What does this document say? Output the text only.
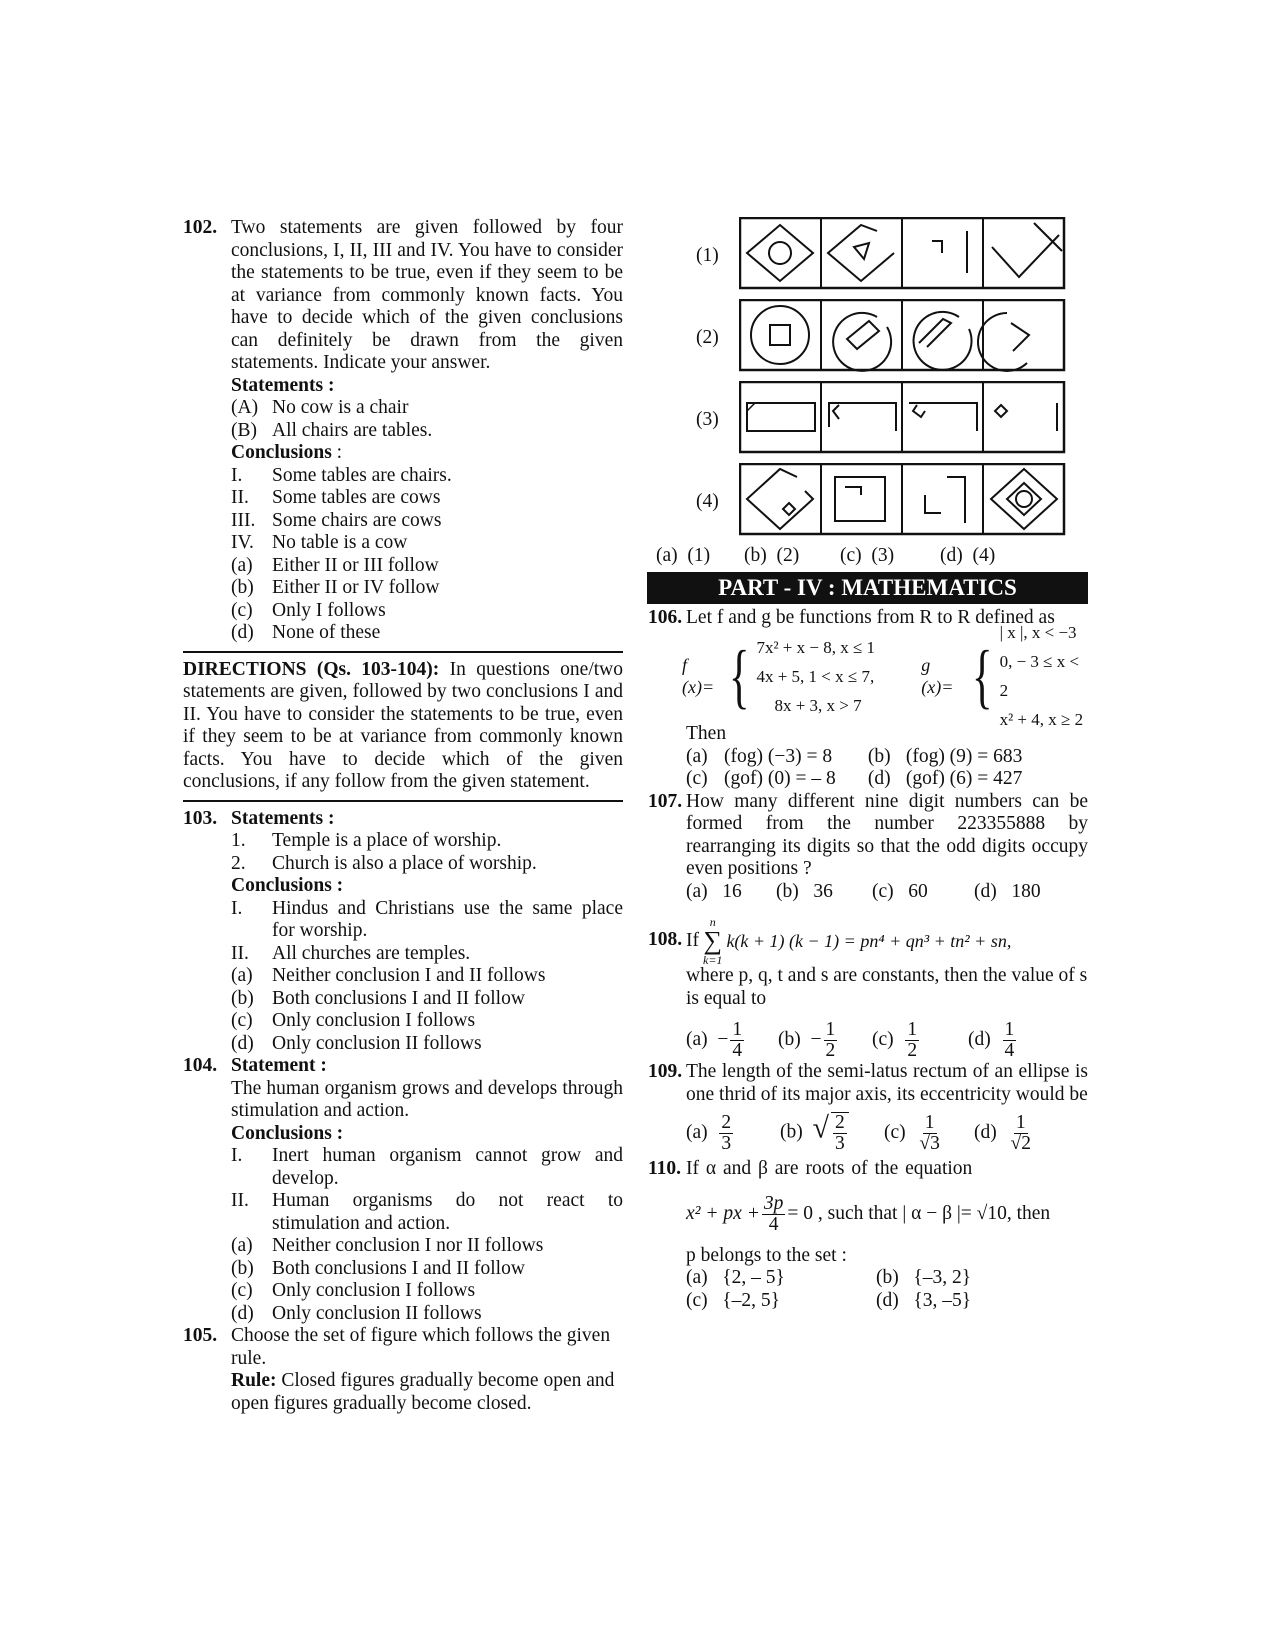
102. Two statements are given followed by four conclusions, I, II, III and IV. You have to consider the statements to be true, even if they seem to be at variance from commonly known facts. You have to decide which of the given conclusions can definitely be drawn from the given statements. Indicate your answer.
Statements :
(A) No cow is a chair
(B) All chairs are tables.
Conclusions :
I. Some tables are chairs.
II. Some tables are cows
III. Some chairs are cows
IV. No table is a cow
(a) Either II or III follow
(b) Either II or IV follow
(c) Only I follows
(d) None of these
DIRECTIONS (Qs. 103-104): In questions one/two statements are given, followed by two conclusions I and II. You have to consider the statements to be true, even if they seem to be at variance from commonly known facts. You have to decide which of the given conclusions, if any follow from the given statement.
103. Statements :
1. Temple is a place of worship.
2. Church is also a place of worship.
Conclusions :
I. Hindus and Christians use the same place for worship.
II. All churches are temples.
(a) Neither conclusion I and II follows
(b) Both conclusions I and II follow
(c) Only conclusion I follows
(d) Only conclusion II follows
104. Statement :
The human organism grows and develops through stimulation and action.
Conclusions :
I. Inert human organism cannot grow and develop.
II. Human organisms do not react to stimulation and action.
(a) Neither conclusion I nor II follows
(b) Both conclusions I and II follow
(c) Only conclusion I follows
(d) Only conclusion II follows
105. Choose the set of figure which follows the given rule.
Rule: Closed figures gradually become open and open figures gradually become closed.
(1)
(2)
(3)
(4)
(a) (1)	(b) (2)	(c) (3)	(d) (4)
PART - IV : MATHEMATICS
106. Let f and g be functions from R to R defined as
f (x)= { 7x² + x − 8, x ≤ 1
4x + 5, 1 < x ≤ 7,
8x + 3, x > 7
g (x)= {
| x |, x < −3
0, − 3 ≤ x < 2
x² + 4, x ≥ 2
Then
(a) (fog) (−3) = 8	(b) (fog) (9) = 683
(c) (gof) (0) = – 8	(d) (gof) (6) = 427
107. How many different nine digit numbers can be formed from the number 223355888 by rearranging its digits so that the odd digits occupy even positions ?
(a) 16	(b) 36	(c) 60	(d) 180
108. If
n
∑
k=1
k(k + 1) (k − 1) = pn⁴ + qn³ + tn² + sn,
where p, q, t and s are constants, then the value of s is equal to
$(a) - \frac{1}{4} (b) - \frac{1}{2} (c) \frac{1}{2}$	$(d) \frac{1}{4}$
109. The length of the semi-latus rectum of an ellipse is one thrid of its major axis, its eccentricity would be
$(a) \frac{2}{3} (b)$ √ $\frac{2}{3} (c) \frac{1}{√3} (d) \frac{1}{√2}$
110. If α and β are roots of the equation
x² + px + $\frac{3p}{4} = 0$ , such that | α − β |= √10, then
p belongs to the set :
(a) {2, – 5}	(b) {–3, 2}
(c) {–2, 5}	(d) {3, –5}
